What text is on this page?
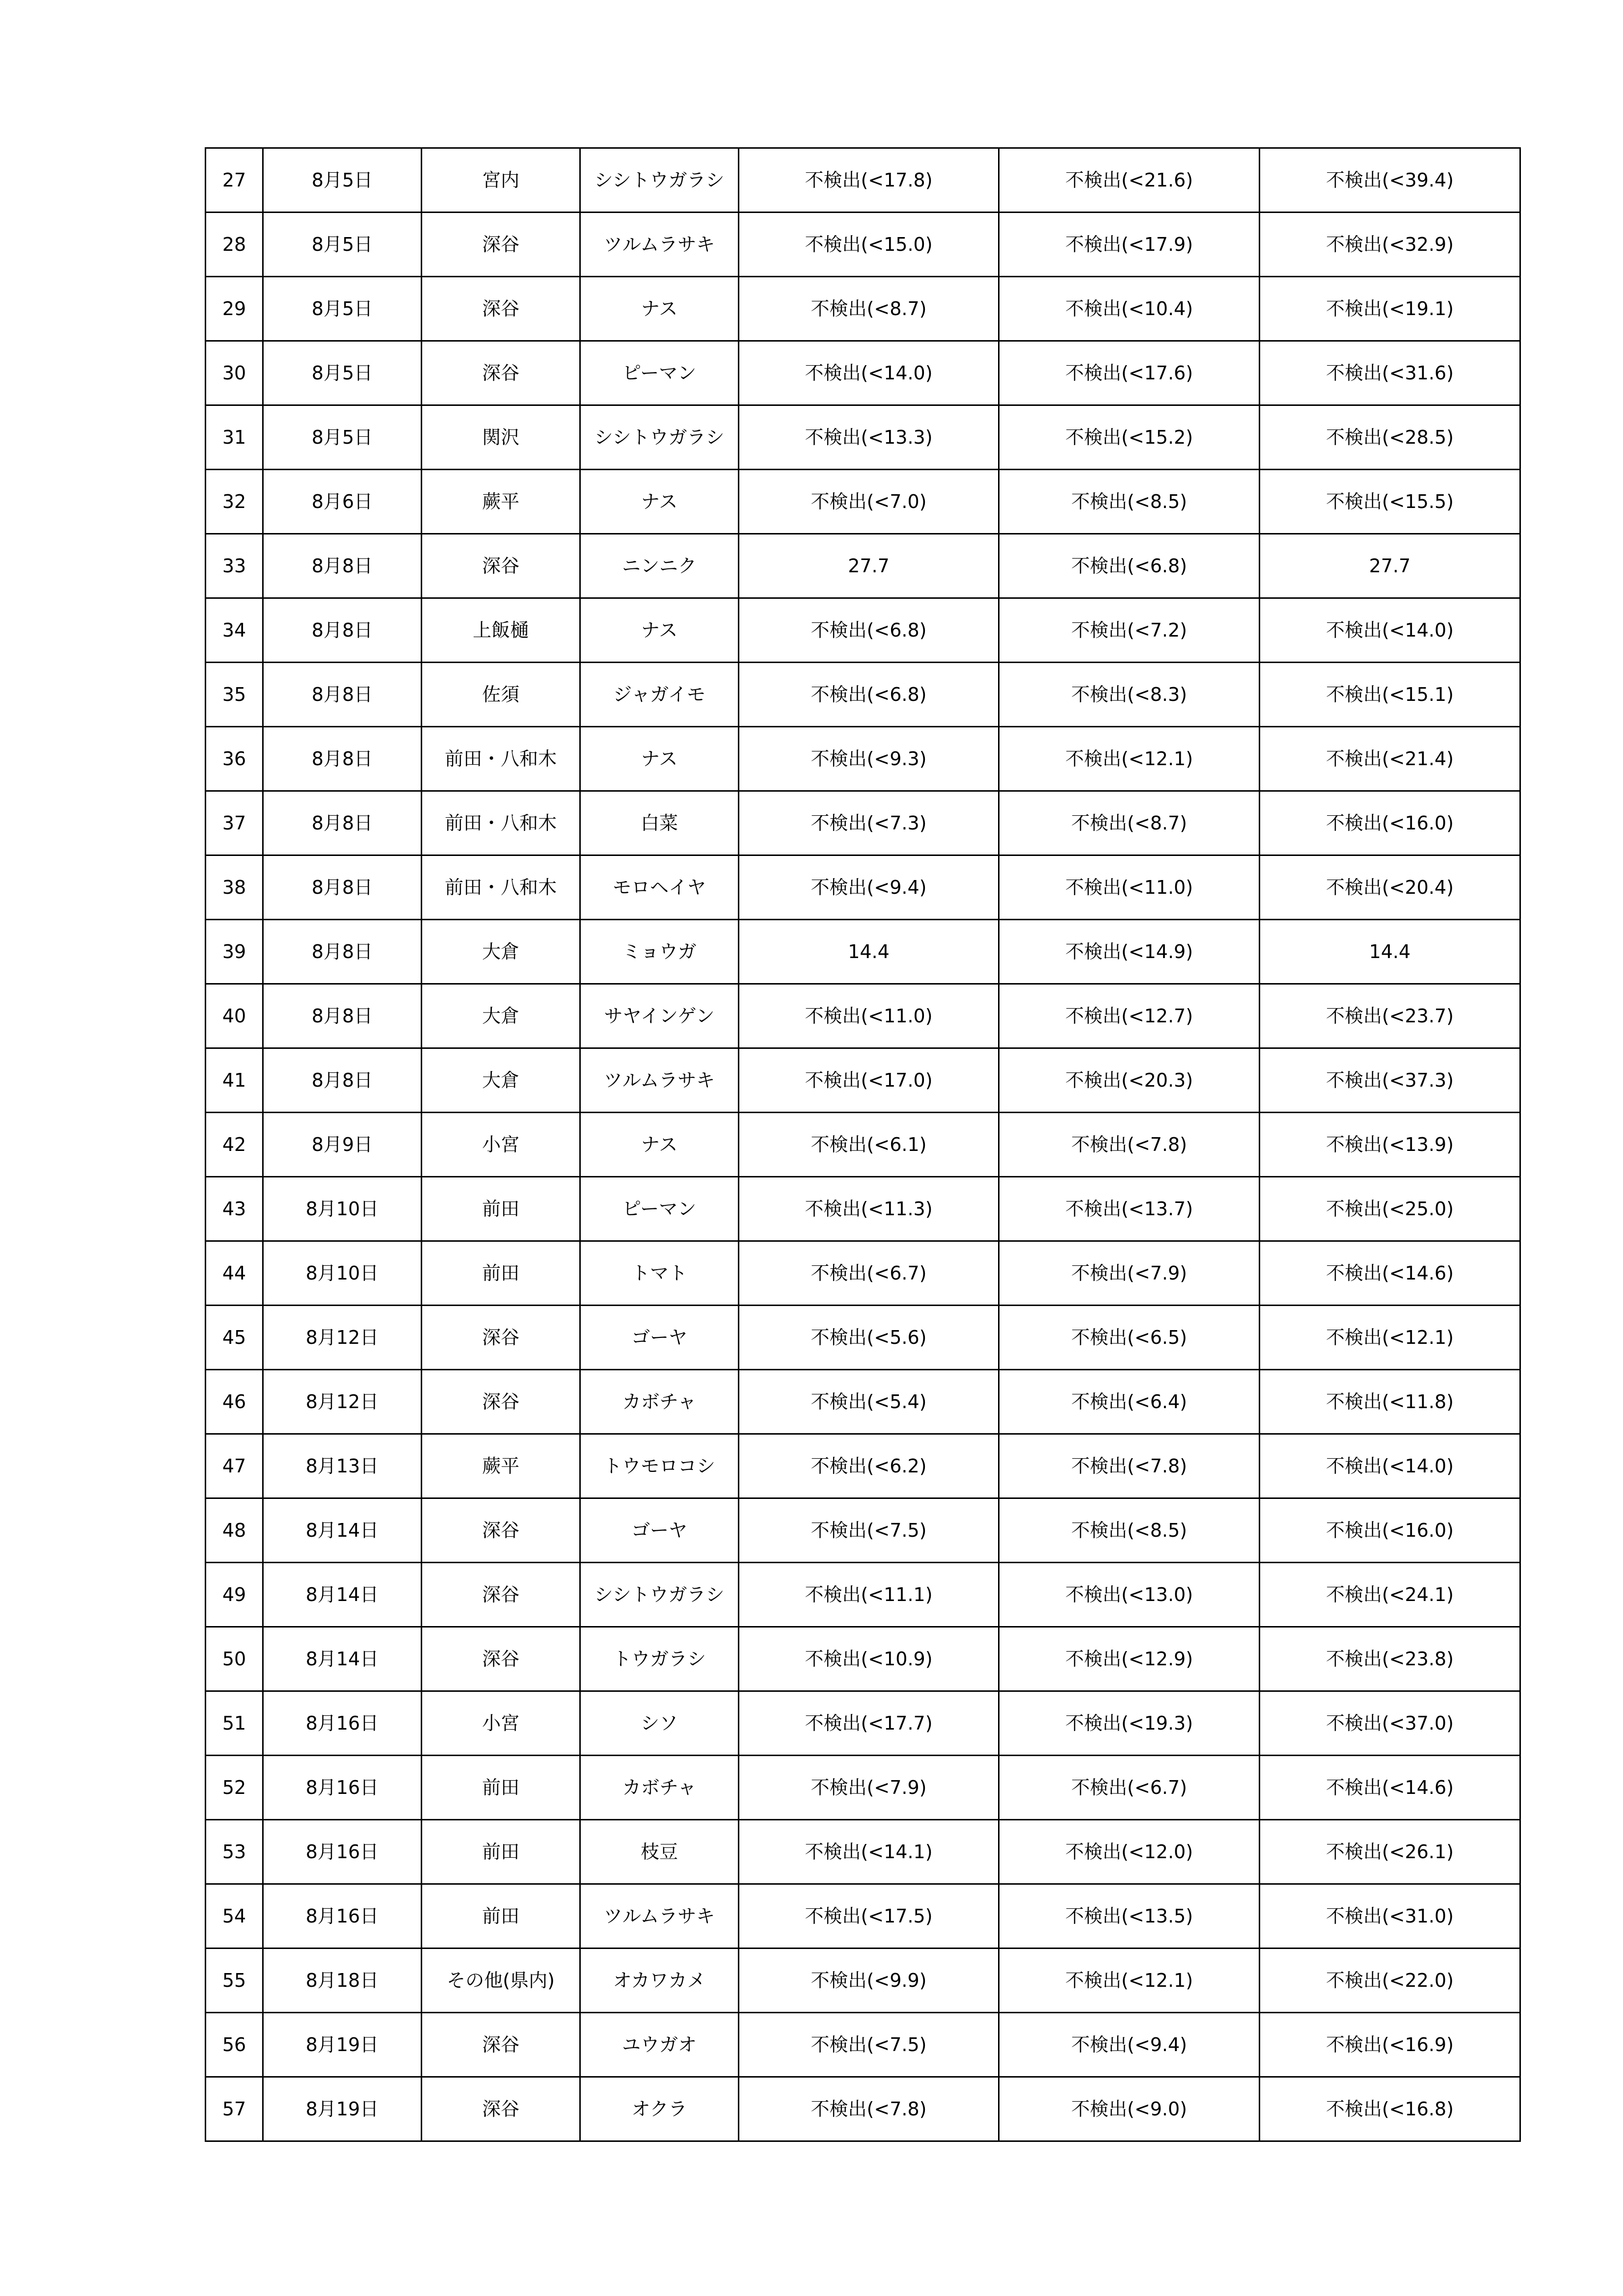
27	8月5日	宮内	シシトウガラシ	不検出(<17.8)	不検出(<21.6)	不検出(<39.4)
28	8月5日	深谷	ツルムラサキ	不検出(<15.0)	不検出(<17.9)	不検出(<32.9)
29	8月5日	深谷	ナス	不検出(<8.7)	不検出(<10.4)	不検出(<19.1)
30	8月5日	深谷	ピーマン	不検出(<14.0)	不検出(<17.6)	不検出(<31.6)
31	8月5日	関沢	シシトウガラシ	不検出(<13.3)	不検出(<15.2)	不検出(<28.5)
32	8月6日	蕨平	ナス	不検出(<7.0)	不検出(<8.5)	不検出(<15.5)
33	8月8日	深谷	ニンニク	27.7	不検出(<6.8)	27.7
34	8月8日	上飯樋	ナス	不検出(<6.8)	不検出(<7.2)	不検出(<14.0)
35	8月8日	佐須	ジャガイモ	不検出(<6.8)	不検出(<8.3)	不検出(<15.1)
36	8月8日	前田・八和木	ナス	不検出(<9.3)	不検出(<12.1)	不検出(<21.4)
37	8月8日	前田・八和木	白菜	不検出(<7.3)	不検出(<8.7)	不検出(<16.0)
38	8月8日	前田・八和木	モロヘイヤ	不検出(<9.4)	不検出(<11.0)	不検出(<20.4)
39	8月8日	大倉	ミョウガ	14.4	不検出(<14.9)	14.4
40	8月8日	大倉	サヤインゲン	不検出(<11.0)	不検出(<12.7)	不検出(<23.7)
41	8月8日	大倉	ツルムラサキ	不検出(<17.0)	不検出(<20.3)	不検出(<37.3)
42	8月9日	小宮	ナス	不検出(<6.1)	不検出(<7.8)	不検出(<13.9)
43	8月10日	前田	ピーマン	不検出(<11.3)	不検出(<13.7)	不検出(<25.0)
44	8月10日	前田	トマト	不検出(<6.7)	不検出(<7.9)	不検出(<14.6)
45	8月12日	深谷	ゴーヤ	不検出(<5.6)	不検出(<6.5)	不検出(<12.1)
46	8月12日	深谷	カボチャ	不検出(<5.4)	不検出(<6.4)	不検出(<11.8)
47	8月13日	蕨平	トウモロコシ	不検出(<6.2)	不検出(<7.8)	不検出(<14.0)
48	8月14日	深谷	ゴーヤ	不検出(<7.5)	不検出(<8.5)	不検出(<16.0)
49	8月14日	深谷	シシトウガラシ	不検出(<11.1)	不検出(<13.0)	不検出(<24.1)
50	8月14日	深谷	トウガラシ	不検出(<10.9)	不検出(<12.9)	不検出(<23.8)
51	8月16日	小宮	シソ	不検出(<17.7)	不検出(<19.3)	不検出(<37.0)
52	8月16日	前田	カボチャ	不検出(<7.9)	不検出(<6.7)	不検出(<14.6)
53	8月16日	前田	枝豆	不検出(<14.1)	不検出(<12.0)	不検出(<26.1)
54	8月16日	前田	ツルムラサキ	不検出(<17.5)	不検出(<13.5)	不検出(<31.0)
55	8月18日	その他(県内)	オカワカメ	不検出(<9.9)	不検出(<12.1)	不検出(<22.0)
56	8月19日	深谷	ユウガオ	不検出(<7.5)	不検出(<9.4)	不検出(<16.9)
57	8月19日	深谷	オクラ	不検出(<7.8)	不検出(<9.0)	不検出(<16.8)
